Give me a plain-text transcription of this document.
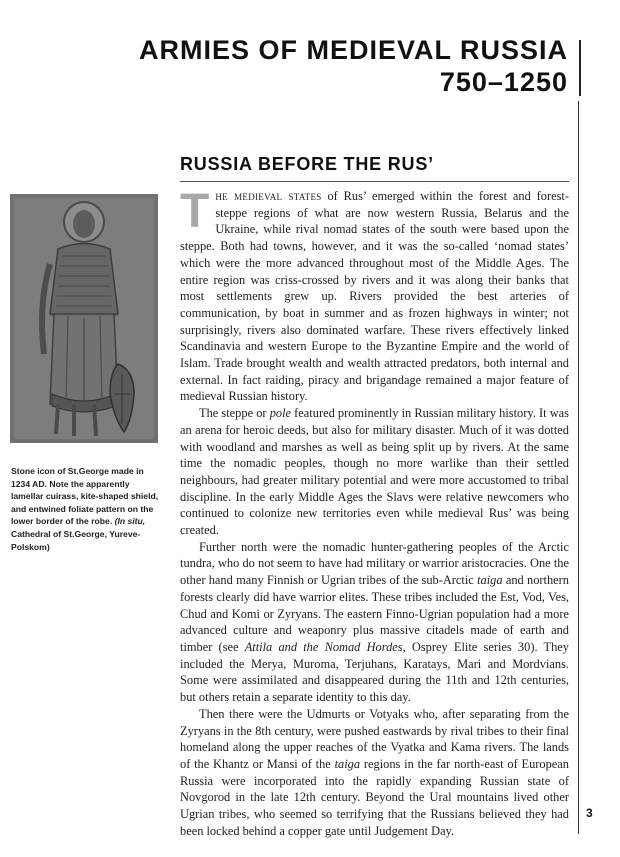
ARMIES OF MEDIEVAL RUSSIA
750–1250
RUSSIA BEFORE THE RUS’
Stone icon of St.George made in 1234 AD. Note the apparently lamellar cuirass, kite-shaped shield, and entwined foliate pattern on the lower border of the robe. (In situ, Cathedral of St.George, Yureve-Polskom)

The medieval states of Rus’ emerged within the forest and forest-steppe regions of what are now western Russia, Belarus and the Ukraine, while rival nomad states of the south were based upon the steppe. Both had towns, however, and it was the so-called ‘nomad states’ which were the more advanced throughout most of the Middle Ages. The entire region was criss-crossed by rivers and it was along their banks that most settlements grew up. Rivers provided the best arteries of communication, by boat in summer and as frozen highways in winter; not surprisingly, rivers also dominated warfare. These rivers effectively linked Scandinavia and western Europe to the Byzantine Empire and the world of Islam. Trade brought wealth and wealth attracted predators, both internal and external. In fact raiding, piracy and brigandage remained a major feature of medieval Russian history.

The steppe or pole featured prominently in Russian military history. It was an arena for heroic deeds, but also for military disaster. Much of it was dotted with woodland and marshes as well as being split up by rivers. At the same time the nomadic peoples, though no more warlike than their settled neighbours, had greater military potential and were more accustomed to tribal discipline. In the early Middle Ages the Slavs were relative newcomers who continued to colonize new territories even while medieval Rus’ was being created.

Further north were the nomadic hunter-gathering peoples of the Arctic tundra, who do not seem to have had military or warrior aristocracies. One the other hand many Finnish or Ugrian tribes of the sub-Arctic taiga and northern forests clearly did have warrior elites. These tribes included the Est, Vod, Ves, Chud and Komi or Zyryans. The eastern Finno-Ugrian population had a more advanced culture and weaponry plus massive citadels made of earth and timber (see Attila and the Nomad Hordes, Osprey Elite series 30). They included the Merya, Muroma, Terjuhans, Karatays, Mari and Mordvians. Some were assimilated and disappeared during the 11th and 12th centuries, but others retain a separate identity to this day.

Then there were the Udmurts or Votyaks who, after separating from the Zyryans in the 8th century, were pushed eastwards by rival tribes to their final homeland along the upper reaches of the Vyatka and Kama rivers. The lands of the Khantz or Mansi of the taiga regions in the far north-east of European Russia were incorporated into the rapidly expanding Russian state of Novgorod in the late 12th century. Beyond the Ural mountains lived other Ugrian tribes, who seemed so terrifying that the Russians believed they had been locked behind a copper gate until Judgement Day.

3
